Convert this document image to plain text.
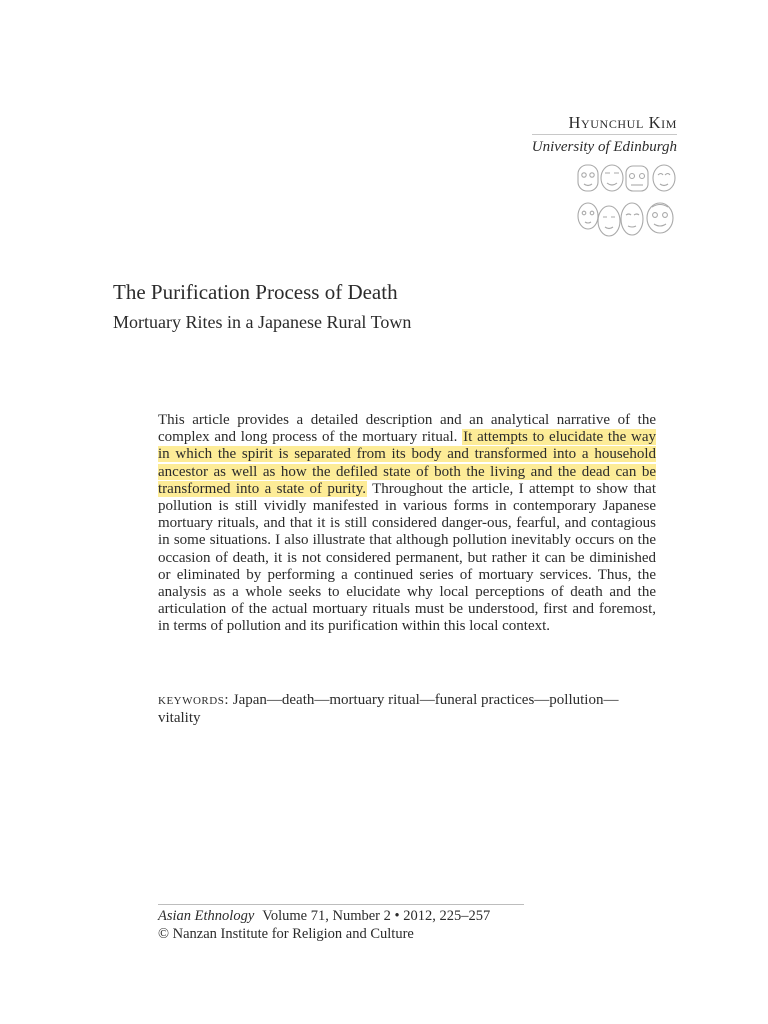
Hyunchul Kim
University of Edinburgh
The Purification Process of Death
Mortuary Rites in a Japanese Rural Town

This article provides a detailed description and an analytical narrative of the complex and long process of the mortuary ritual. It attempts to elucidate the way in which the spirit is separated from its body and transformed into a household ancestor as well as how the defiled state of both the living and the dead can be transformed into a state of purity. Throughout the article, I attempt to show that pollution is still vividly manifested in various forms in contemporary Japanese mortuary rituals, and that it is still considered danger-ous, fearful, and contagious in some situations. I also illustrate that although pollution inevitably occurs on the occasion of death, it is not considered permanent, but rather it can be diminished or eliminated by performing a continued series of mortuary services. Thus, the analysis as a whole seeks to elucidate why local perceptions of death and the articulation of the actual mortuary rituals must be understood, first and foremost, in terms of pollution and its purification within this local context.

keywords: Japan—death—mortuary ritual—funeral practices—pollution—vitality
Asian Ethnology Volume 71, Number 2 • 2012, 225–257
© Nanzan Institute for Religion and Culture
